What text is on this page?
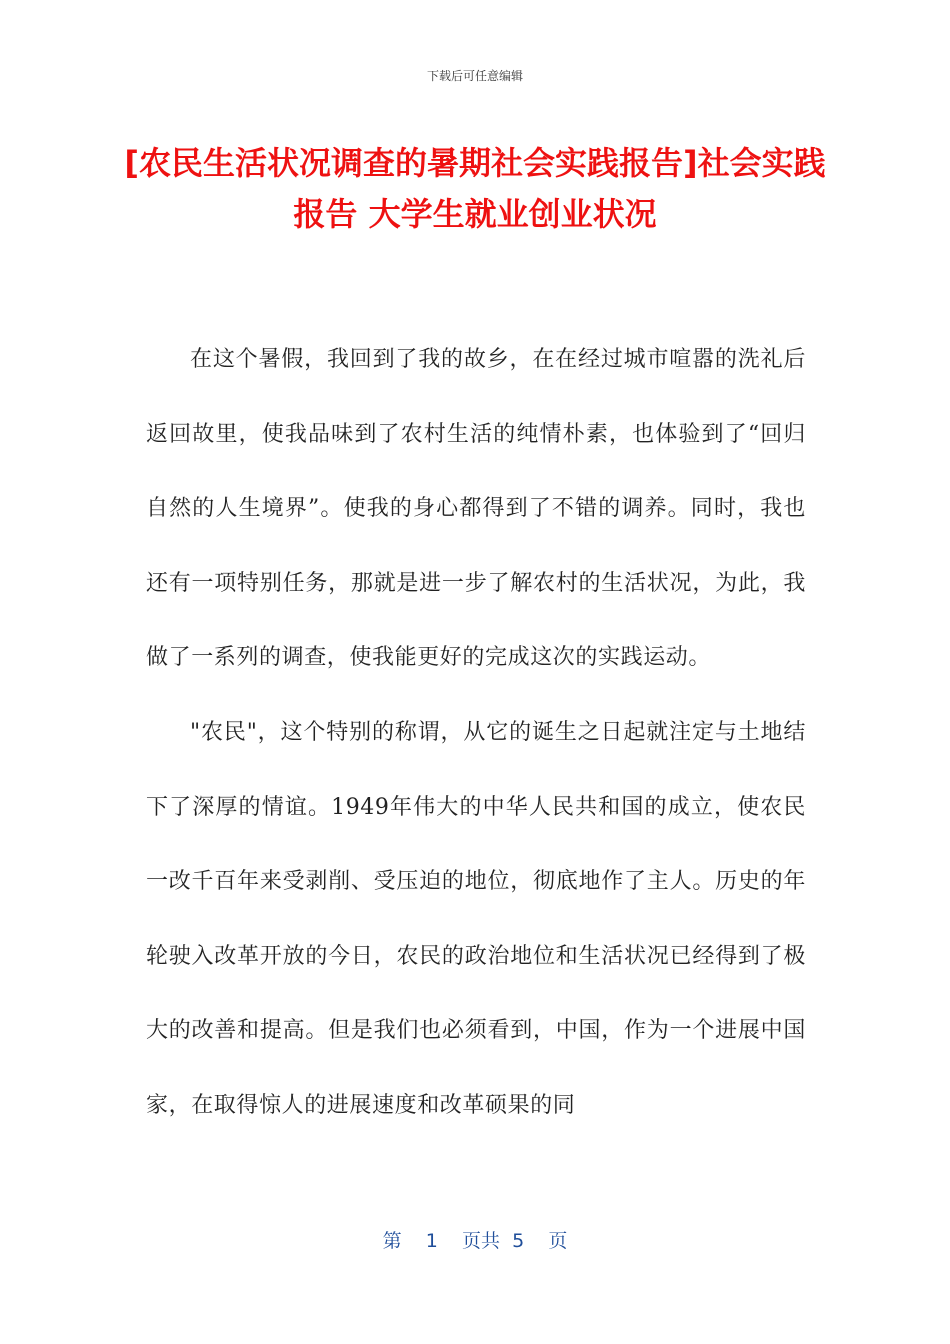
下载后可任意编辑
[农民生活状况调查的暑期社会实践报告]社会实践报告 大学生就业创业状况

在这个暑假，我回到了我的故乡，在在经过城市喧嚣的洗礼后返回故里，使我品味到了农村生活的纯情朴素，也体验到了“回归自然的人生境界”。使我的身心都得到了不错的调养。同时，我也还有一项特别任务，那就是进一步了解农村的生活状况，为此，我做了一系列的调查，使我能更好的完成这次的实践运动。

"农民"，这个特别的称谓，从它的诞生之日起就注定与土地结下了深厚的情谊。1949年伟大的中华人民共和国的成立，使农民一改千百年来受剥削、受压迫的地位，彻底地作了主人。历史的年轮驶入改革开放的今日，农民的政治地位和生活状况已经得到了极大的改善和提高。但是我们也必须看到，中国，作为一个进展中国家，在取得惊人的进展速度和改革硕果的同

第 1 页共 5 页
